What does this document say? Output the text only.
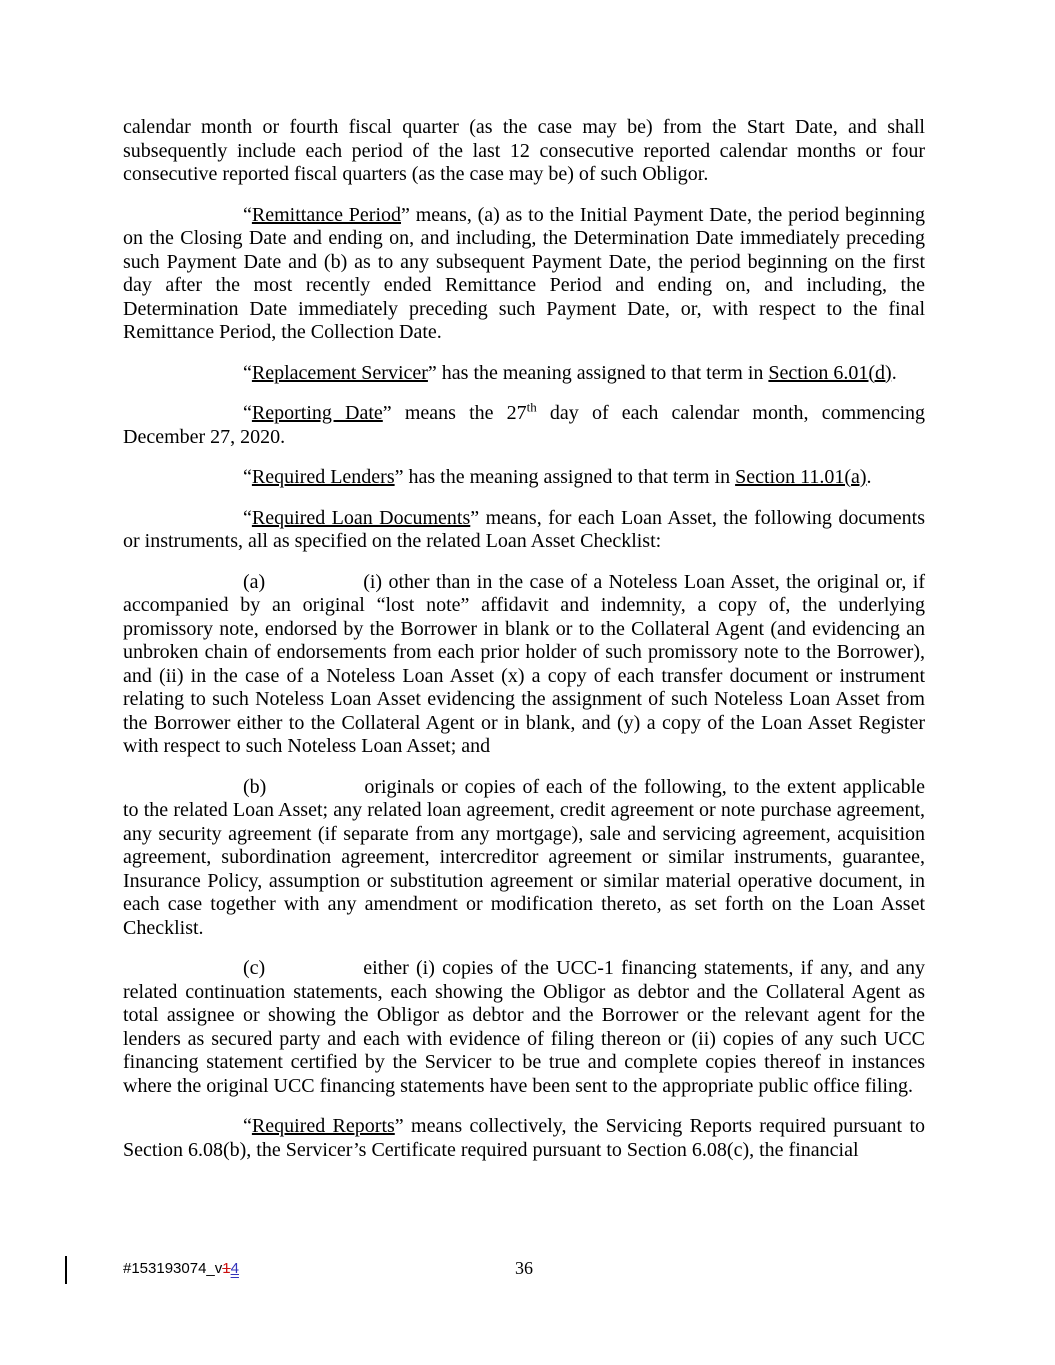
calendar month or fourth fiscal quarter (as the case may be) from the Start Date, and shall subsequently include each period of the last 12 consecutive reported calendar months or four consecutive reported fiscal quarters (as the case may be) of such Obligor.

“Remittance Period” means, (a) as to the Initial Payment Date, the period beginning on the Closing Date and ending on, and including, the Determination Date immediately preceding such Payment Date and (b) as to any subsequent Payment Date, the period beginning on the first day after the most recently ended Remittance Period and ending on, and including, the Determination Date immediately preceding such Payment Date, or, with respect to the final Remittance Period, the Collection Date.

“Replacement Servicer” has the meaning assigned to that term in Section 6.01(d).

“Reporting Date” means the 27th day of each calendar month, commencing December 27, 2020.

“Required Lenders” has the meaning assigned to that term in Section 11.01(a).

“Required Loan Documents” means, for each Loan Asset, the following documents or instruments, all as specified on the related Loan Asset Checklist:

(a)	(i) other than in the case of a Noteless Loan Asset, the original or, if accompanied by an original “lost note” affidavit and indemnity, a copy of, the underlying promissory note, endorsed by the Borrower in blank or to the Collateral Agent (and evidencing an unbroken chain of endorsements from each prior holder of such promissory note to the Borrower), and (ii) in the case of a Noteless Loan Asset (x) a copy of each transfer document or instrument relating to such Noteless Loan Asset evidencing the assignment of such Noteless Loan Asset from the Borrower either to the Collateral Agent or in blank, and (y) a copy of the Loan Asset Register with respect to such Noteless Loan Asset; and

(b)	originals or copies of each of the following, to the extent applicable to the related Loan Asset; any related loan agreement, credit agreement or note purchase agreement, any security agreement (if separate from any mortgage), sale and servicing agreement, acquisition agreement, subordination agreement, intercreditor agreement or similar instruments, guarantee, Insurance Policy, assumption or substitution agreement or similar material operative document, in each case together with any amendment or modification thereto, as set forth on the Loan Asset Checklist.

(c)	either (i) copies of the UCC-1 financing statements, if any, and any related continuation statements, each showing the Obligor as debtor and the Collateral Agent as total assignee or showing the Obligor as debtor and the Borrower or the relevant agent for the lenders as secured party and each with evidence of filing thereon or (ii) copies of any such UCC financing statement certified by the Servicer to be true and complete copies thereof in instances where the original UCC financing statements have been sent to the appropriate public office filing.

“Required Reports” means collectively, the Servicing Reports required pursuant to Section 6.08(b), the Servicer’s Certificate required pursuant to Section 6.08(c), the financial

#153193074_v14	36
